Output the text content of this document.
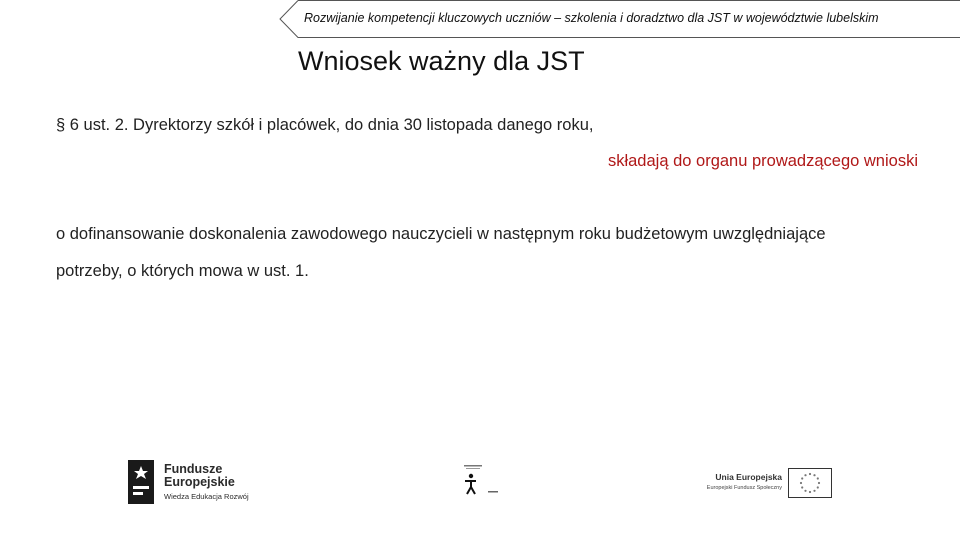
Rozwijanie kompetencji kluczowych uczniów – szkolenia i doradztwo dla JST w województwie lubelskim
Wniosek ważny dla JST
§ 6 ust. 2. Dyrektorzy szkół i placówek, do dnia 30 listopada danego roku,
składają do organu prowadzącego wnioski
o dofinansowanie doskonalenia zawodowego nauczycieli w następnym roku budżetowym uwzględniające
potrzeby, o których mowa w ust. 1.
Fundusze
Europejskie
Wiedza Edukacja Rozwój
Unia Europejska
Europejski Fundusz Społeczny
